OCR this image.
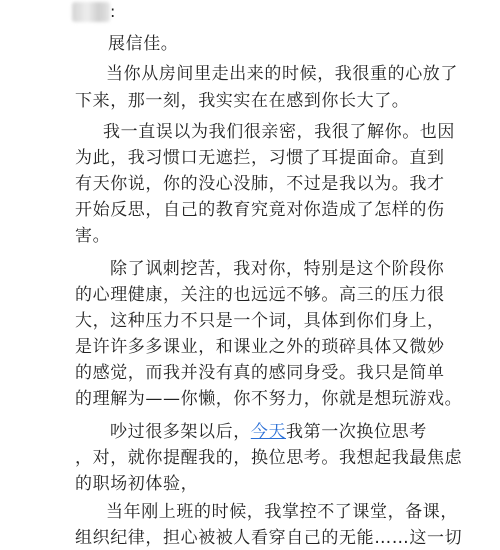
:
展信佳。
当你从房间里走出来的时候，我很重的心放了
下来，那一刻，我实实在在感到你长大了。
我一直误以为我们很亲密，我很了解你。也因
为此，我习惯口无遮拦，习惯了耳提面命。直到
有天你说，你的没心没肺，不过是我以为。我才
开始反思，自己的教育究竟对你造成了怎样的伤
害。
除了讽刺挖苦，我对你，特别是这个阶段你
的心理健康，关注的也远远不够。高三的压力很
大，这种压力不只是一个词，具体到你们身上，
是许许多多课业，和课业之外的琐碎具体又微妙
的感觉，而我并没有真的感同身受。我只是简单
的理解为——你懒，你不努力，你就是想玩游戏。
吵过很多架以后，今天我第一次换位思考
，对，就你提醒我的，换位思考。我想起我最焦虑
的职场初体验，
当年刚上班的时候，我掌控不了课堂，备课，
组织纪律，担心被被人看穿自己的无能……这一切
